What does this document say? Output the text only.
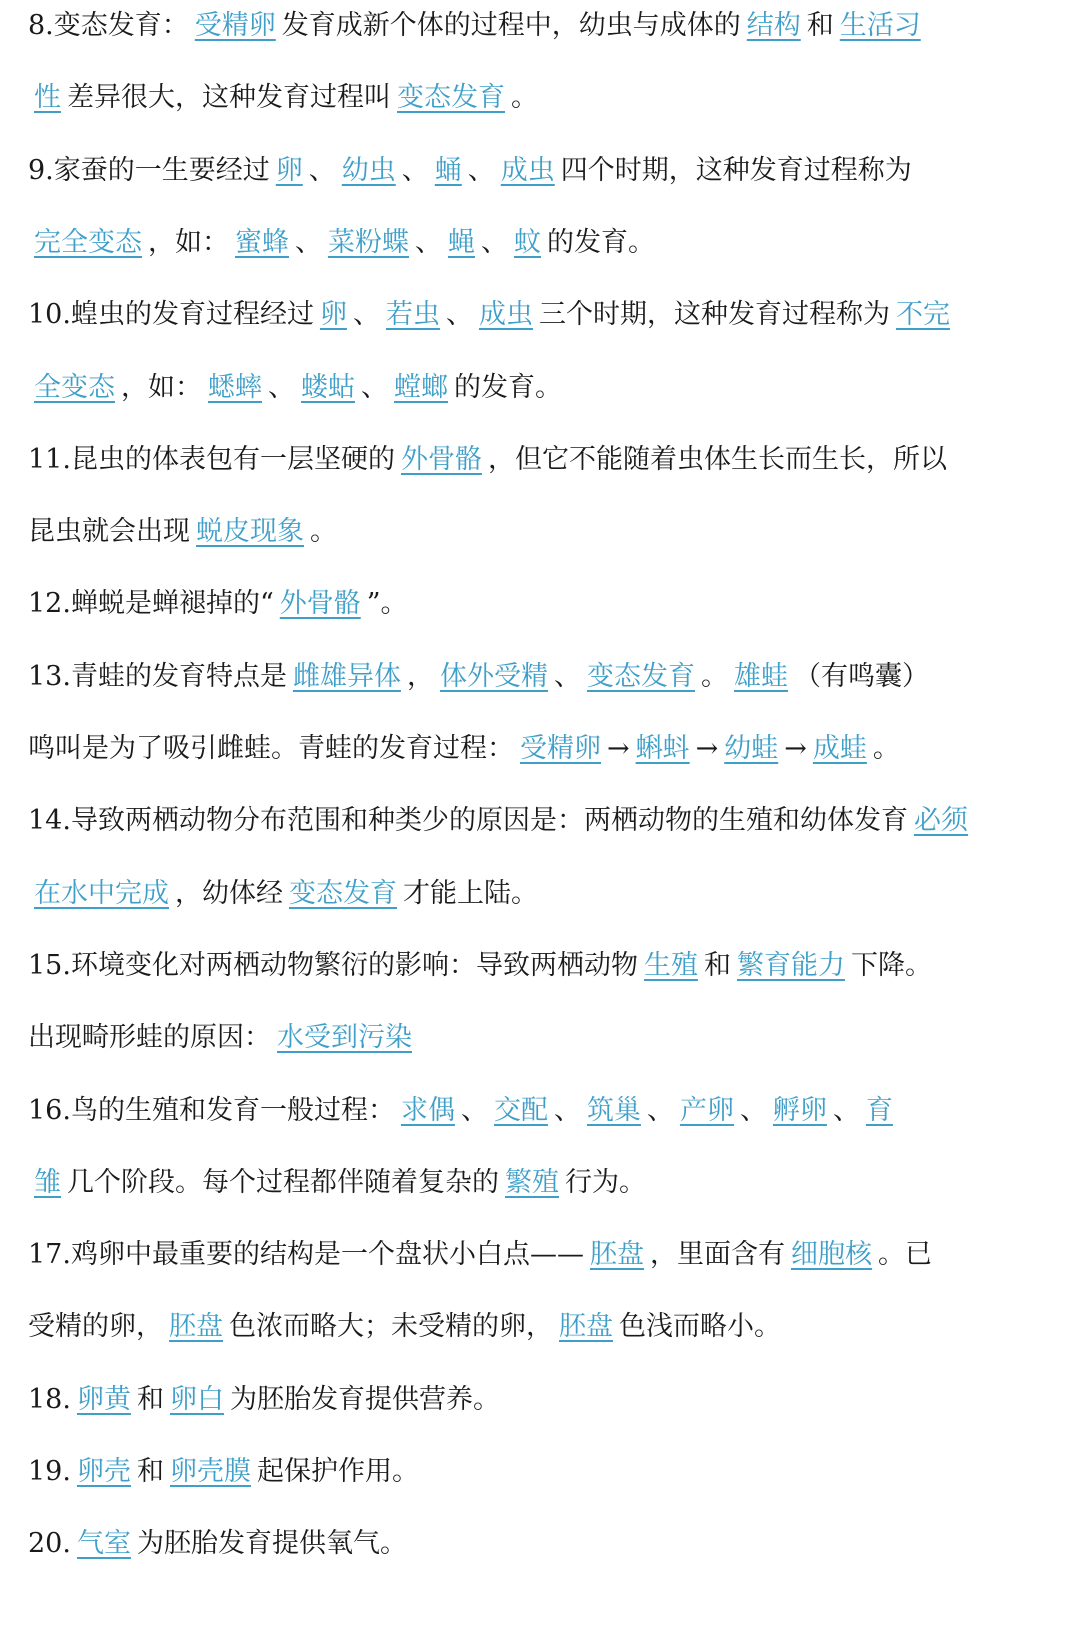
8.变态发育： 受精卵 发育成新个体的过程中，幼虫与成体的 结构 和 生活习
性 差异很大，这种发育过程叫 变态发育 。
9.家蚕的一生要经过 卵 、 幼虫 、 蛹 、 成虫 四个时期，这种发育过程称为
完全变态 ，如： 蜜蜂 、 菜粉蝶 、 蝇 、 蚊 的发育。
10.蝗虫的发育过程经过 卵 、 若虫 、 成虫 三个时期，这种发育过程称为 不完
全变态 ，如： 蟋蟀 、 蝼蛄 、 螳螂 的发育。
11.昆虫的体表包有一层坚硬的 外骨骼 ，但它不能随着虫体生长而生长，所以
昆虫就会出现 蜕皮现象 。
12.蝉蜕是蝉褪掉的“ 外骨骼 ”。
13.青蛙的发育特点是 雌雄异体 ， 体外受精 、 变态发育 。 雄蛙 （有鸣囊）
鸣叫是为了吸引雌蛙。青蛙的发育过程： 受精卵 → 蝌蚪 → 幼蛙 → 成蛙 。
14.导致两栖动物分布范围和种类少的原因是：两栖动物的生殖和幼体发育 必须
在水中完成 ，幼体经 变态发育 才能上陆。
15.环境变化对两栖动物繁衍的影响：导致两栖动物 生殖 和 繁育能力 下降。
出现畸形蛙的原因： 水受到污染
16.鸟的生殖和发育一般过程： 求偶 、 交配 、 筑巢 、 产卵 、 孵卵 、 育
雏 几个阶段。每个过程都伴随着复杂的 繁殖 行为。
17.鸡卵中最重要的结构是一个盘状小白点—— 胚盘 ，里面含有 细胞核 。已
受精的卵， 胚盘 色浓而略大；未受精的卵， 胚盘 色浅而略小。
18. 卵黄 和 卵白 为胚胎发育提供营养。
19. 卵壳 和 卵壳膜 起保护作用。
20. 气室 为胚胎发育提供氧气。
